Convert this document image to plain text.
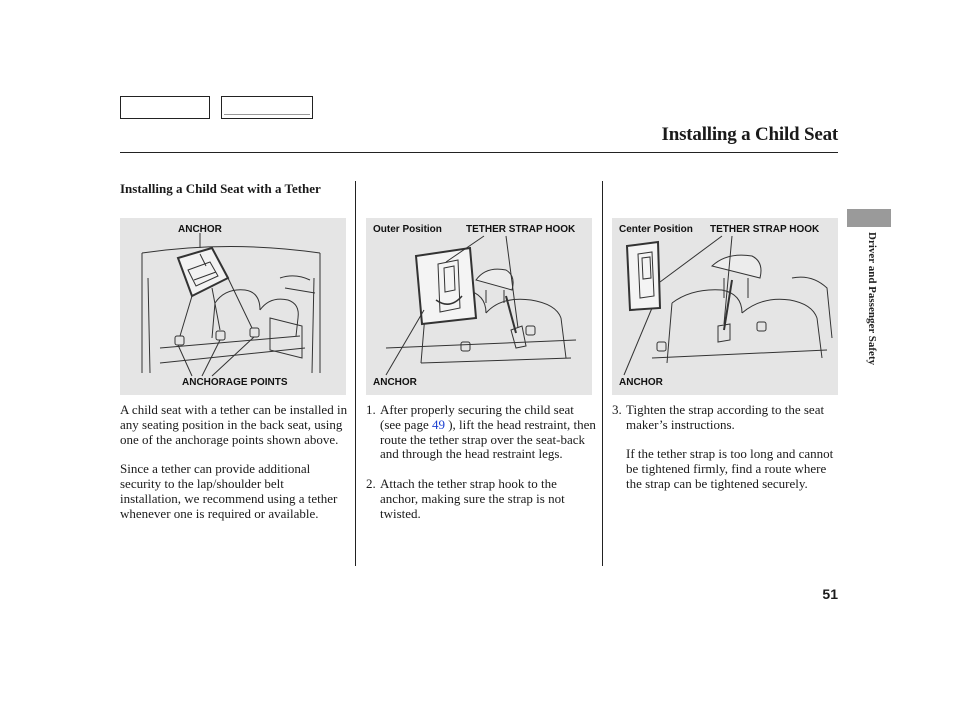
Installing a Child Seat
Installing a Child Seat with a Tether
ANCHOR
ANCHORAGE POINTS
Outer Position TETHER STRAP HOOK
ANCHOR
Center Position TETHER STRAP HOOK
ANCHOR

A child seat with a tether can be installed in any seating position in the back seat, using one of the anchorage points shown above.

Since a tether can provide additional security to the lap/shoulder belt installation, we recommend using a tether whenever one is required or available.

1. After properly securing the child seat (see page 49 ), lift the head restraint, then route the tether strap over the seat-back and through the head restraint legs.
2. Attach the tether strap hook to the anchor, making sure the strap is not twisted.
3. Tighten the strap according to the seat maker’s instructions.

If the tether strap is too long and cannot be tightened firmly, find a route where the strap can be tightened securely.

Driver and Passenger Safety
51
